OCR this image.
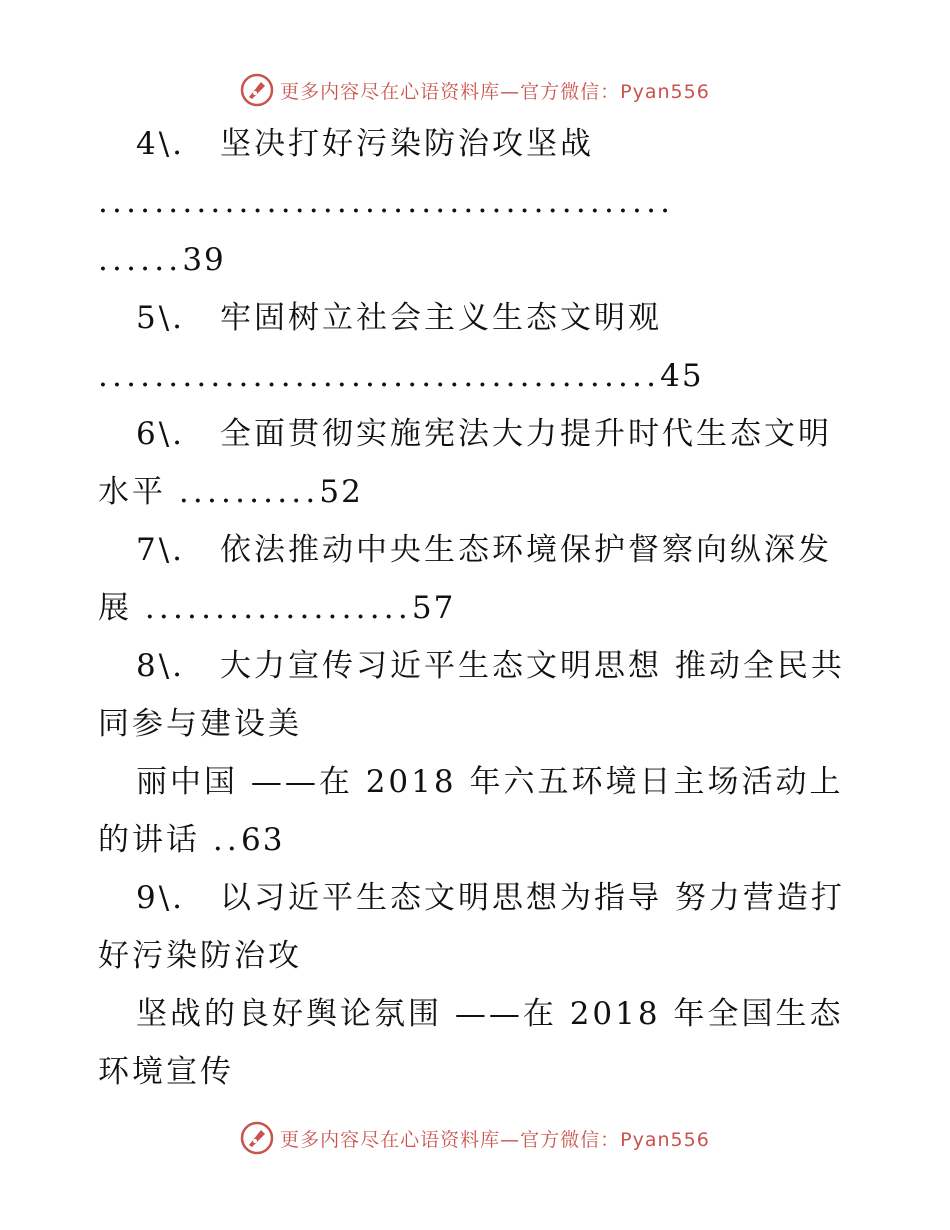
更多内容尽在心语资料库—官方微信：Pyan556
4\. 坚决打好污染防治攻坚战
.........................................
......39
5\. 牢固树立社会主义生态文明观
........................................45
6\. 全面贯彻实施宪法大力提升时代生态文明
水平 ..........52
7\. 依法推动中央生态环境保护督察向纵深发
展 ...................57
8\. 大力宣传习近平生态文明思想 推动全民共
同参与建设美
丽中国 ——在 2018 年六五环境日主场活动上
的讲话 ..63
9\. 以习近平生态文明思想为指导 努力营造打
好污染防治攻
坚战的良好舆论氛围 ——在 2018 年全国生态
环境宣传
更多内容尽在心语资料库—官方微信：Pyan556
